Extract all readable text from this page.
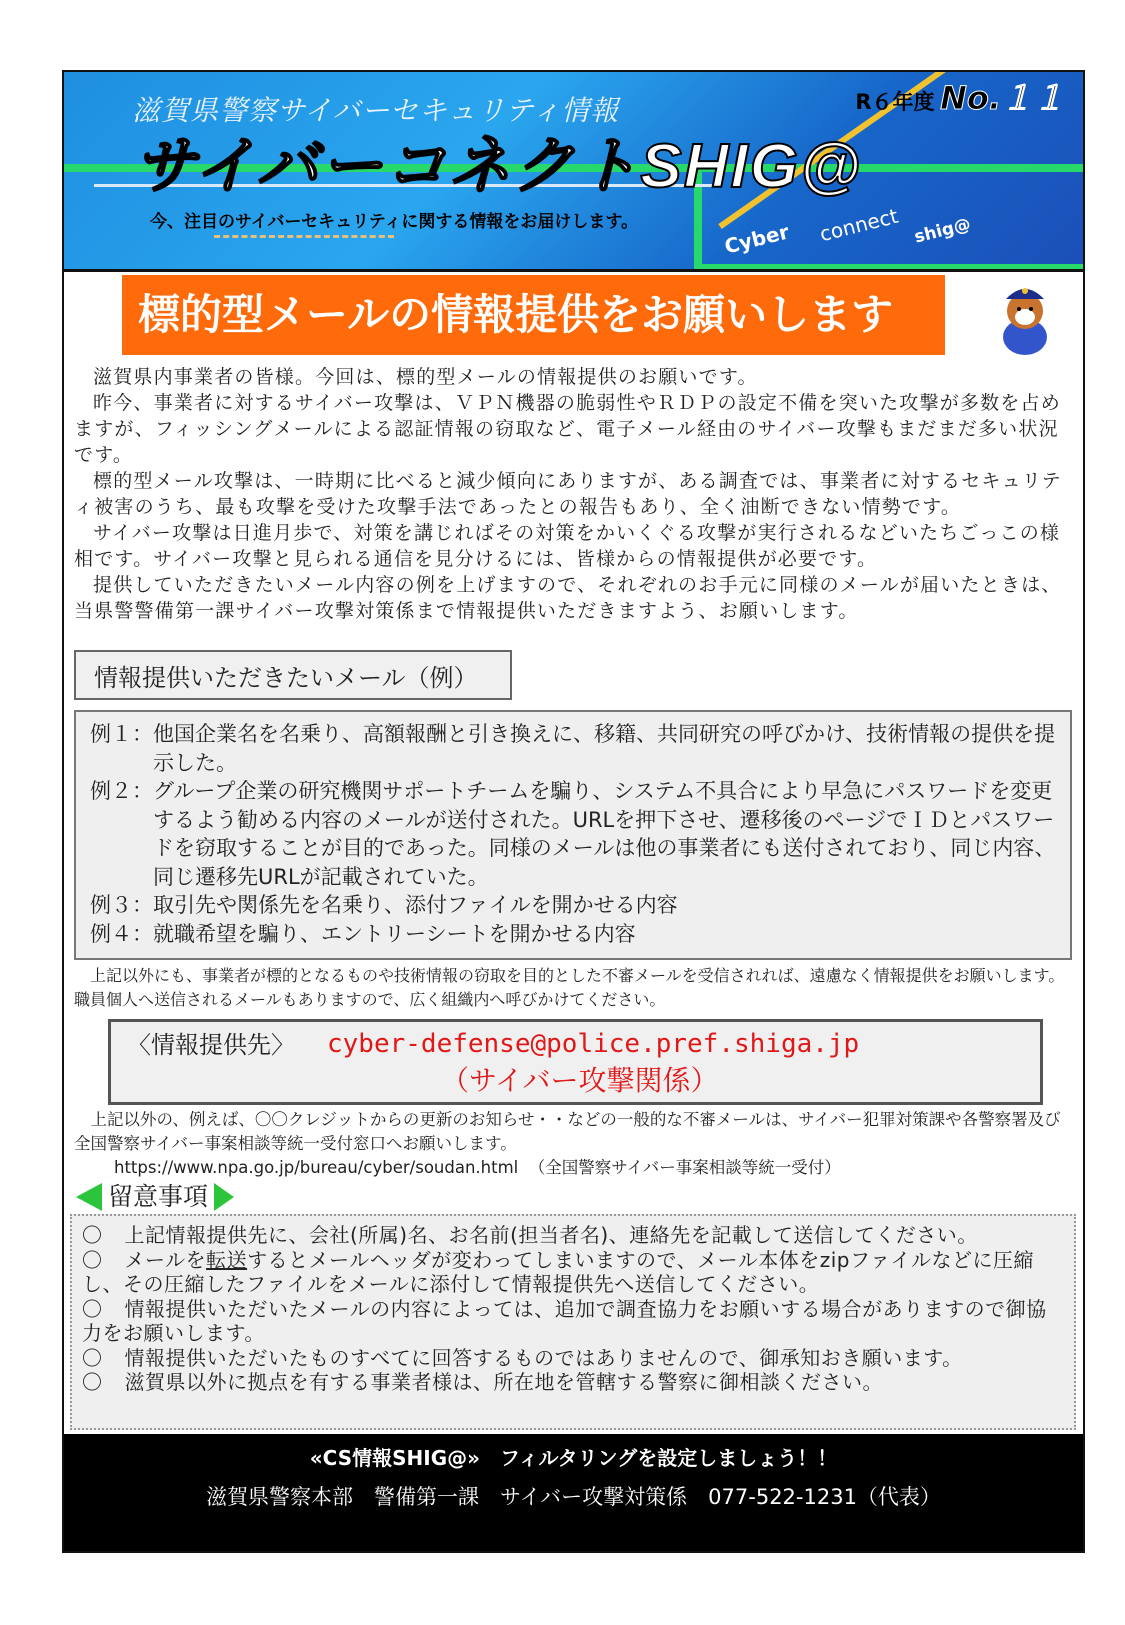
滋賀県警察サイバーセキュリティ情報
サイバーコネクトSHIG@
今、注目のサイバーセキュリティに関する情報をお届けします。
R６年度 No.１１
Cyber connect shig@
標的型メールの情報提供をお願いします

滋賀県内事業者の皆様。今回は、標的型メールの情報提供のお願いです。

昨今、事業者に対するサイバー攻撃は、ＶＰＮ機器の脆弱性やＲＤＰの設定不備を突いた攻撃が多数を占めますが、フィッシングメールによる認証情報の窃取など、電子メール経由のサイバー攻撃もまだまだ多い状況です。

標的型メール攻撃は、一時期に比べると減少傾向にありますが、ある調査では、事業者に対するセキュリティ被害のうち、最も攻撃を受けた攻撃手法であったとの報告もあり、全く油断できない情勢です。

サイバー攻撃は日進月歩で、対策を講じればその対策をかいくぐる攻撃が実行されるなどいたちごっこの様相です。サイバー攻撃と見られる通信を見分けるには、皆様からの情報提供が必要です。

提供していただきたいメール内容の例を上げますので、それぞれのお手元に同様のメールが届いたときは、当県警警備第一課サイバー攻撃対策係まで情報提供いただきますよう、お願いします。

情報提供いただきたいメール（例）
例１： 他国企業名を名乗り、高額報酬と引き換えに、移籍、共同研究の呼びかけ、技術情報の提供を提示した。
例２： グループ企業の研究機関サポートチームを騙り、システム不具合により早急にパスワードを変更するよう勧める内容のメールが送付された。URLを押下させ、遷移後のページでＩＤとパスワードを窃取することが目的であった。同様のメールは他の事業者にも送付されており、同じ内容、同じ遷移先URLが記載されていた。
例３： 取引先や関係先を名乗り、添付ファイルを開かせる内容
例４： 就職希望を騙り、エントリーシートを開かせる内容
上記以外にも、事業者が標的となるものや技術情報の窃取を目的とした不審メールを受信されれば、遠慮なく情報提供をお願いします。職員個人へ送信されるメールもありますので、広く組織内へ呼びかけてください。
〈情報提供先〉 cyber-defense@police.pref.shiga.jp
（サイバー攻撃関係）
上記以外の、例えば、〇〇クレジットからの更新のお知らせ・・などの一般的な不審メールは、サイバー犯罪対策課や各警察署及び全国警察サイバー事案相談等統一受付窓口へお願いします。
https://www.npa.go.jp/bureau/cyber/soudan.html （全国警察サイバー事案相談等統一受付）
留意事項
〇 上記情報提供先に、会社(所属)名、お名前(担当者名)、連絡先を記載して送信してください。
〇 メールを転送するとメールヘッダが変わってしまいますので、メール本体をzipファイルなどに圧縮し、その圧縮したファイルをメールに添付して情報提供先へ送信してください。
〇 情報提供いただいたメールの内容によっては、追加で調査協力をお願いする場合がありますので御協力をお願いします。
〇 情報提供いただいたものすべてに回答するものではありませんので、御承知おき願います。
〇 滋賀県以外に拠点を有する事業者様は、所在地を管轄する警察に御相談ください。
«CS情報SHIG@» フィルタリングを設定しましょう！！
滋賀県警察本部　警備第一課　サイバー攻撃対策係　077-522-1231（代表）
